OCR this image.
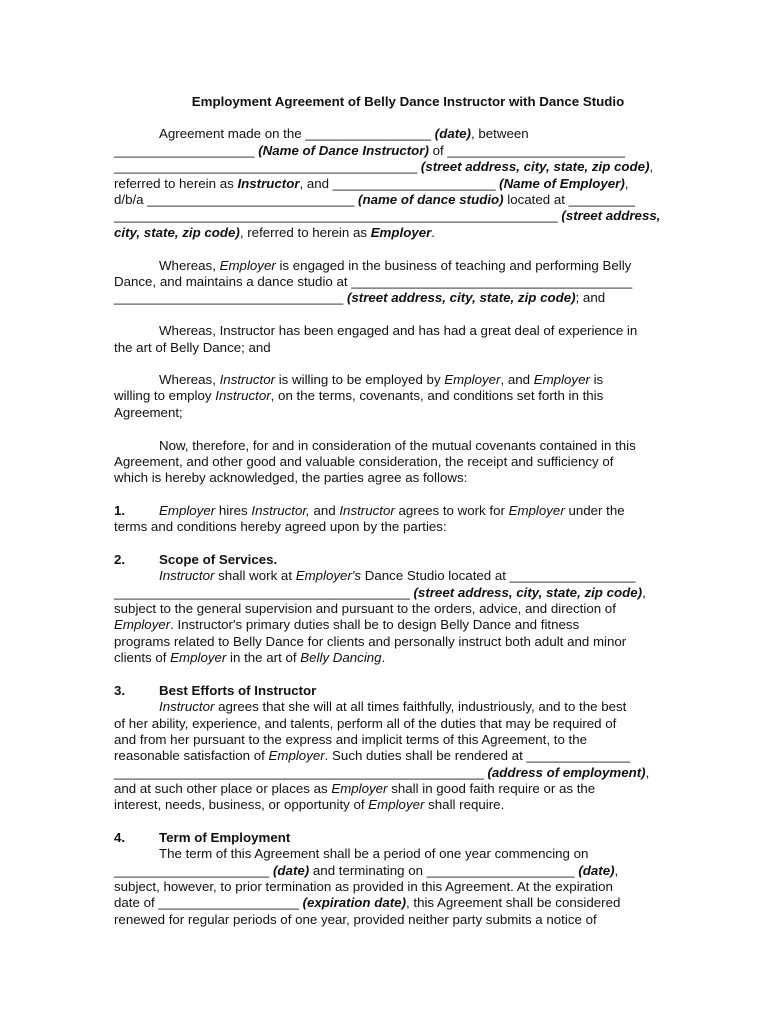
Employment Agreement of Belly Dance Instructor with Dance Studio

Agreement made on the _________________ (date), between

___________________ (Name of Dance Instructor) of ________________________

_________________________________________ (street address, city, state, zip code),

referred to herein as Instructor, and ______________________ (Name of Employer),

d/b/a ____________________________ (name of dance studio) located at _________

____________________________________________________________ (street address,

city, state, zip code), referred to herein as Employer.

Whereas, Employer is engaged in the business of teaching and performing Belly

Dance, and maintains a dance studio at ______________________________________

_______________________________ (street address, city, state, zip code); and

Whereas, Instructor has been engaged and has had a great deal of experience in

the art of Belly Dance; and

Whereas, Instructor is willing to be employed by Employer, and Employer is

willing to employ Instructor, on the terms, covenants, and conditions set forth in this

Agreement;

Now, therefore, for and in consideration of the mutual covenants contained in this

Agreement, and other good and valuable consideration, the receipt and sufficiency of

which is hereby acknowledged, the parties agree as follows:

1.	Employer hires Instructor, and Instructor agrees to work for Employer under the

terms and conditions hereby agreed upon by the parties:

2.	Scope of Services.

Instructor shall work at Employer's Dance Studio located at _________________

________________________________________ (street address, city, state, zip code),

subject to the general supervision and pursuant to the orders, advice, and direction of

Employer. Instructor's primary duties shall be to design Belly Dance and fitness

programs related to Belly Dance for clients and personally instruct both adult and minor

clients of Employer in the art of Belly Dancing.

3.	Best Efforts of Instructor

Instructor agrees that she will at all times faithfully, industriously, and to the best

of her ability, experience, and talents, perform all of the duties that may be required of

and from her pursuant to the express and implicit terms of this Agreement, to the

reasonable satisfaction of Employer. Such duties shall be rendered at ______________

__________________________________________________ (address of employment),

and at such other place or places as Employer shall in good faith require or as the

interest, needs, business, or opportunity of Employer shall require.

4.	Term of Employment

The term of this Agreement shall be a period of one year commencing on

_____________________ (date) and terminating on ____________________ (date),

subject, however, to prior termination as provided in this Agreement. At the expiration

date of ___________________ (expiration date), this Agreement shall be considered

renewed for regular periods of one year, provided neither party submits a notice of
